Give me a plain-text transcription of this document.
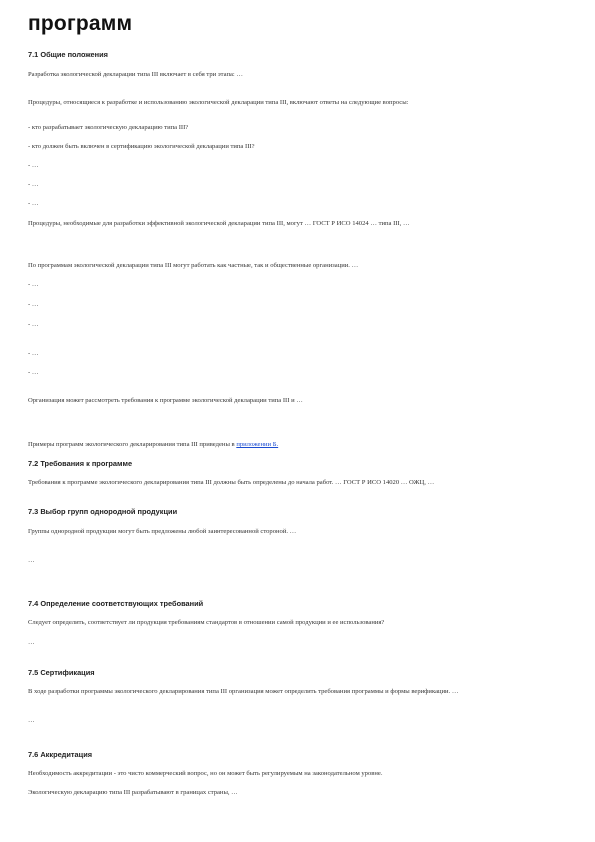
программ
7.1 Общие положения
Разработка экологической декларации типа III включает в себя три этапа: …
Процедуры, относящиеся к разработке и использованию экологической декларации типа III, включают ответы на следующие вопросы:
- кто разрабатывает экологическую декларацию типа III?
- кто должен быть включен в сертификацию экологической декларации типа III?
- …
- …
- …
Процедуры, необходимые для разработки эффективной экологической декларации типа III, могут … ГОСТ Р ИСО 14024 … типа III, …
По программам экологической декларации типа III могут работать как частные, так и общественные организации. …
- …
- …
- …
- …
- …
Организация может рассмотреть требования к программе экологической декларации типа III и …
Примеры программ экологического декларирования типа III приведены в приложении Б.
7.2 Требования к программе
Требования к программе экологического декларирования типа III должны быть определены до начала работ. … ГОСТ Р ИСО 14020 … ОЖЦ, …
7.3 Выбор групп однородной продукции
Группы однородной продукции могут быть предложены любой заинтересованной стороной. …
…
7.4 Определение соответствующих требований
Следует определить, соответствует ли продукция требованиям стандартов в отношении самой продукции и ее использования?
…
7.5 Сертификация
В ходе разработки программы экологического декларирования типа III организация может определить требования программы и формы верификации. …
…
7.6 Аккредитация
Необходимость аккредитации - это чисто коммерческий вопрос, но он может быть регулируемым на законодательном уровне.
Экологическую декларацию типа III разрабатывают в границах страны, …
